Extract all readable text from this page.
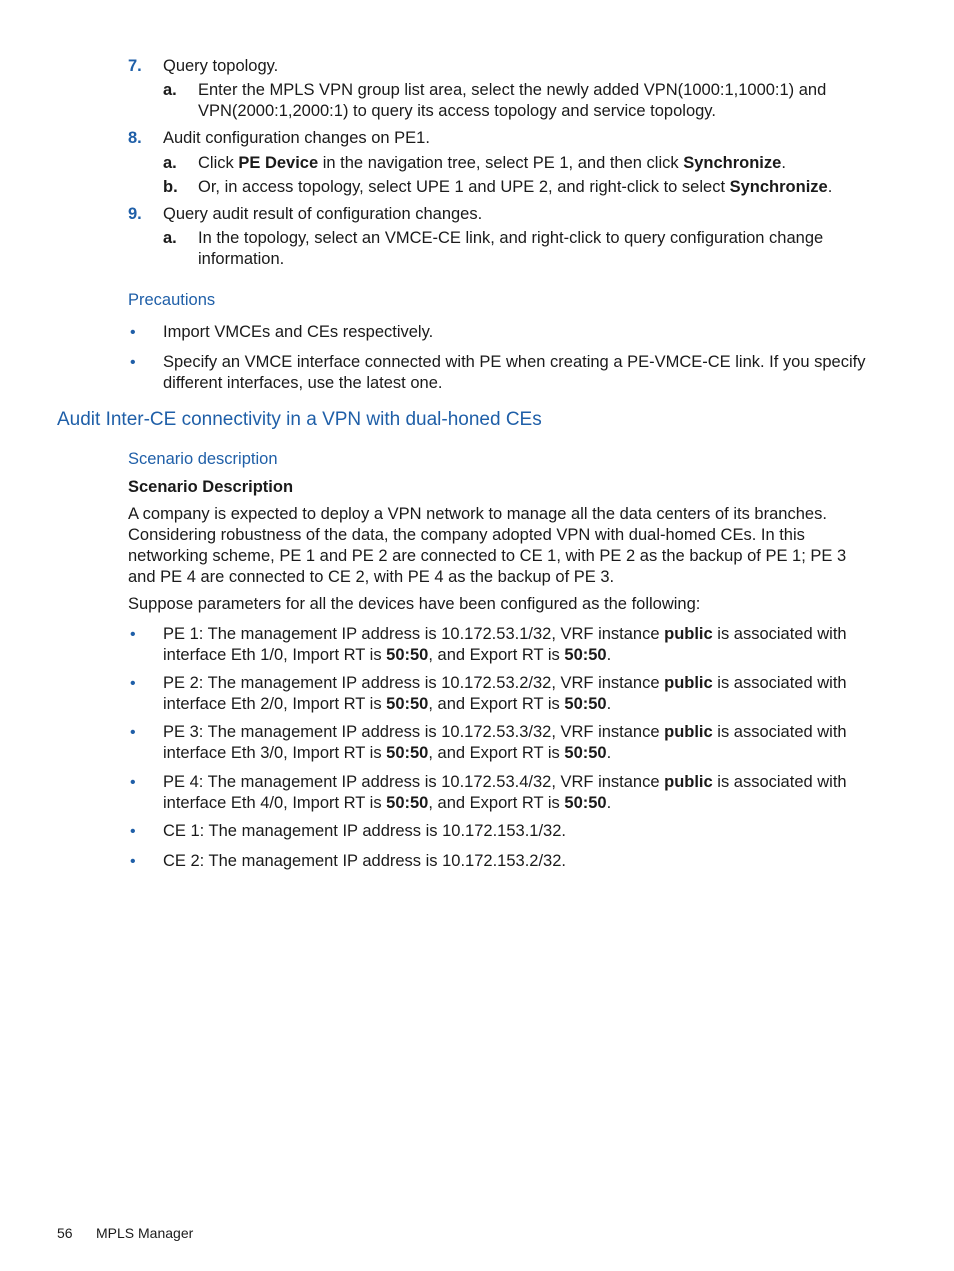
7. Query topology.
a. Enter the MPLS VPN group list area, select the newly added VPN(1000:1,1000:1) and VPN(2000:1,2000:1) to query its access topology and service topology.
8. Audit configuration changes on PE1.
a. Click PE Device in the navigation tree, select PE 1, and then click Synchronize.
b. Or, in access topology, select UPE 1 and UPE 2, and right-click to select Synchronize.
9. Query audit result of configuration changes.
a. In the topology, select an VMCE-CE link, and right-click to query configuration change information.
Precautions
• Import VMCEs and CEs respectively.
• Specify an VMCE interface connected with PE when creating a PE-VMCE-CE link. If you specify different interfaces, use the latest one.
Audit Inter-CE connectivity in a VPN with dual-honed CEs
Scenario description
Scenario Description
A company is expected to deploy a VPN network to manage all the data centers of its branches. Considering robustness of the data, the company adopted VPN with dual-homed CEs. In this networking scheme, PE 1 and PE 2 are connected to CE 1, with PE 2 as the backup of PE 1; PE 3 and PE 4 are connected to CE 2, with PE 4 as the backup of PE 3.
Suppose parameters for all the devices have been configured as the following:
• PE 1: The management IP address is 10.172.53.1/32, VRF instance public is associated with interface Eth 1/0, Import RT is 50:50, and Export RT is 50:50.
• PE 2: The management IP address is 10.172.53.2/32, VRF instance public is associated with interface Eth 2/0, Import RT is 50:50, and Export RT is 50:50.
• PE 3: The management IP address is 10.172.53.3/32, VRF instance public is associated with interface Eth 3/0, Import RT is 50:50, and Export RT is 50:50.
• PE 4: The management IP address is 10.172.53.4/32, VRF instance public is associated with interface Eth 4/0, Import RT is 50:50, and Export RT is 50:50.
• CE 1: The management IP address is 10.172.153.1/32.
• CE 2: The management IP address is 10.172.153.2/32.
56 MPLS Manager
